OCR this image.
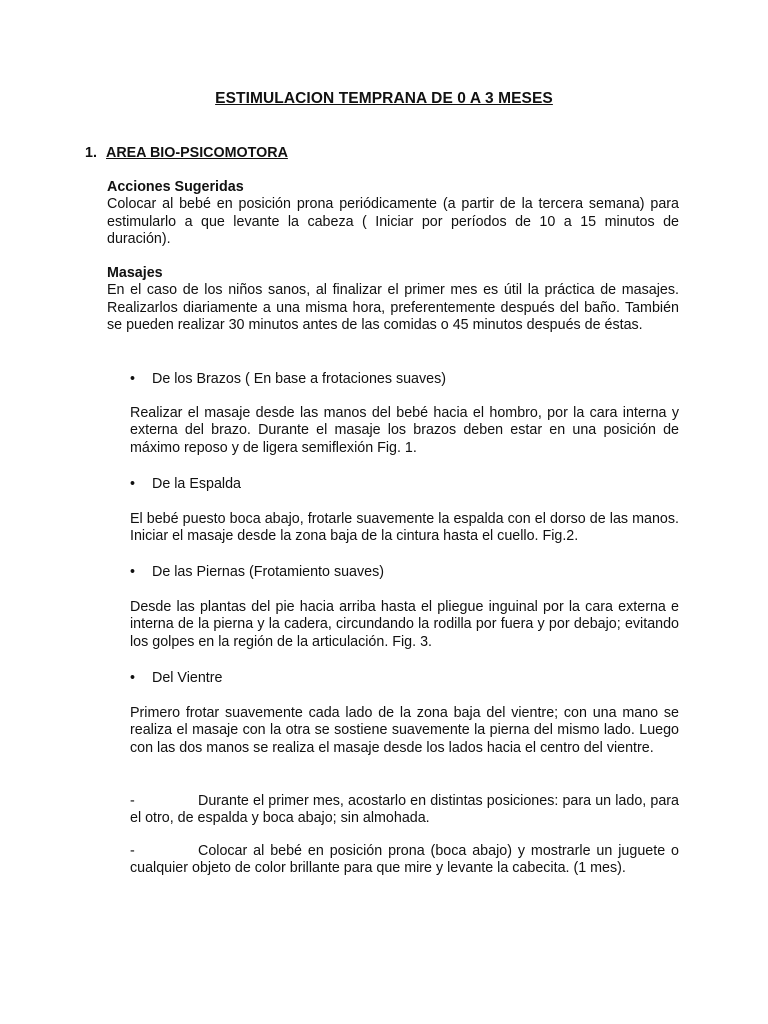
ESTIMULACION TEMPRANA DE 0 A 3 MESES
1. AREA BIO-PSICOMOTORA
Acciones Sugeridas
Colocar al bebé en posición prona periódicamente (a partir de la tercera semana) para estimularlo a que levante la cabeza ( Iniciar por períodos de 10 a 15 minutos de duración).
Masajes
En el caso de los niños sanos, al finalizar el primer mes es útil la práctica de masajes. Realizarlos diariamente a una misma hora, preferentemente después del baño. También se pueden realizar 30 minutos antes de las comidas o 45 minutos después de éstas.
•	De los Brazos ( En base a frotaciones suaves)
Realizar el masaje desde las manos del bebé hacia el hombro, por la cara interna y externa del brazo. Durante el masaje los brazos deben estar en una posición de máximo reposo y de ligera semiflexión Fig. 1.
•	De la Espalda
El bebé puesto boca abajo, frotarle suavemente la espalda con el dorso de las manos. Iniciar el masaje desde la zona baja de la cintura hasta el cuello. Fig.2.
•	De las Piernas (Frotamiento suaves)
Desde las plantas del pie hacia arriba hasta el pliegue inguinal por la cara externa e interna de la pierna y la cadera, circundando la rodilla por fuera y por debajo; evitando los golpes en la región de la articulación. Fig. 3.
•	Del Vientre
Primero frotar suavemente cada lado de la zona baja del vientre; con una mano se realiza el masaje con la otra se sostiene suavemente la pierna del mismo lado. Luego con las dos manos se realiza el masaje desde los lados hacia el centro del vientre.
-	Durante el primer mes, acostarlo en distintas posiciones: para un lado, para el otro, de espalda y boca abajo; sin almohada.
-	Colocar al bebé en posición prona (boca abajo) y mostrarle un juguete o cualquier objeto de color brillante para que mire y levante la cabecita. (1 mes).
